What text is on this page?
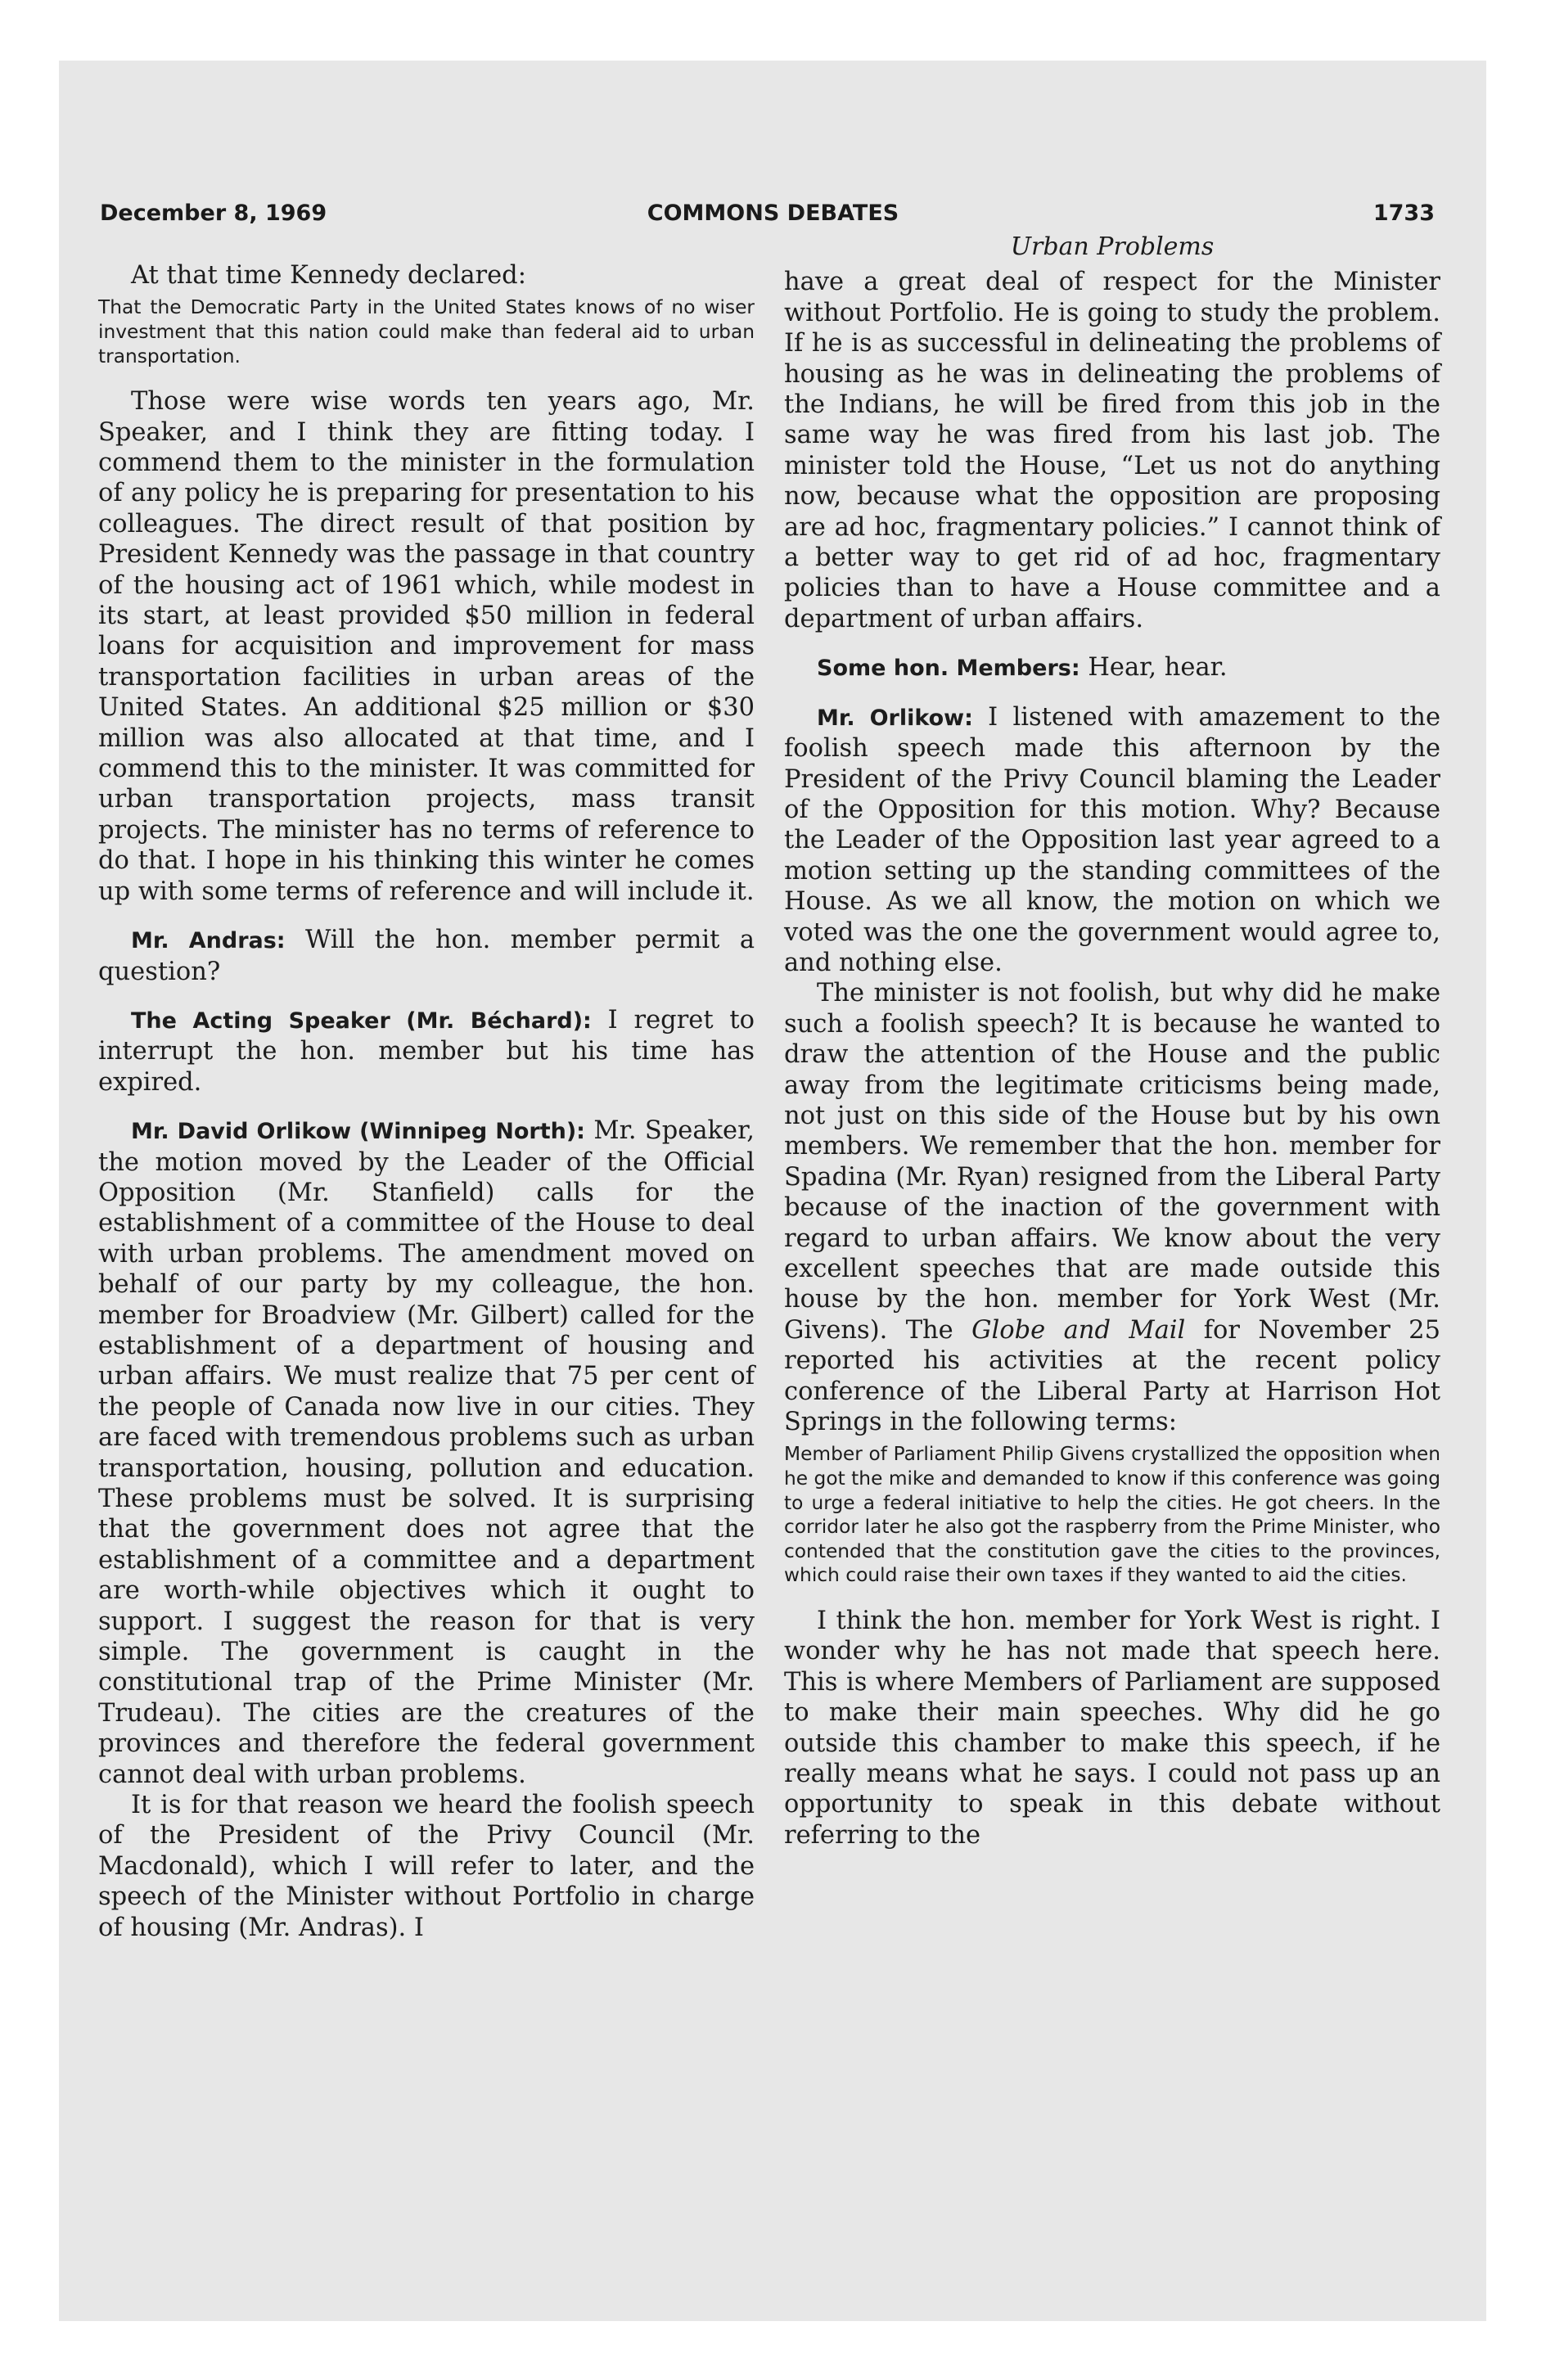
December 8, 1969	COMMONS DEBATES	1733

At that time Kennedy declared:

That the Democratic Party in the United States knows of no wiser investment that this nation could make than federal aid to urban transportation.

Those were wise words ten years ago, Mr. Speaker, and I think they are fitting today. I commend them to the minister in the formulation of any policy he is preparing for presentation to his colleagues. The direct result of that position by President Kennedy was the passage in that country of the housing act of 1961 which, while modest in its start, at least provided $50 million in federal loans for acquisition and improvement for mass transportation facilities in urban areas of the United States. An additional $25 million or $30 million was also allocated at that time, and I commend this to the minister. It was committed for urban transportation projects, mass transit projects. The minister has no terms of reference to do that. I hope in his thinking this winter he comes up with some terms of reference and will include it.

Mr. Andras: Will the hon. member permit a question?

The Acting Speaker (Mr. Béchard): I regret to interrupt the hon. member but his time has expired.

Mr. David Orlikow (Winnipeg North): Mr. Speaker, the motion moved by the Leader of the Official Opposition (Mr. Stanfield) calls for the establishment of a committee of the House to deal with urban problems. The amendment moved on behalf of our party by my colleague, the hon. member for Broadview (Mr. Gilbert) called for the establishment of a department of housing and urban affairs. We must realize that 75 per cent of the people of Canada now live in our cities. They are faced with tremendous problems such as urban transportation, housing, pollution and education. These problems must be solved. It is surprising that the government does not agree that the establishment of a committee and a department are worth-while objectives which it ought to support. I suggest the reason for that is very simple. The government is caught in the constitutional trap of the Prime Minister (Mr. Trudeau). The cities are the creatures of the provinces and therefore the federal government cannot deal with urban problems.

It is for that reason we heard the foolish speech of the President of the Privy Council (Mr. Macdonald), which I will refer to later, and the speech of the Minister without Portfolio in charge of housing (Mr. Andras). I

Urban Problems

have a great deal of respect for the Minister without Portfolio. He is going to study the problem. If he is as successful in delineating the problems of housing as he was in delineating the problems of the Indians, he will be fired from this job in the same way he was fired from his last job. The minister told the House, “Let us not do anything now, because what the opposition are proposing are ad hoc, fragmentary policies.” I cannot think of a better way to get rid of ad hoc, fragmentary policies than to have a House committee and a department of urban affairs.

Some hon. Members: Hear, hear.

Mr. Orlikow: I listened with amazement to the foolish speech made this afternoon by the President of the Privy Council blaming the Leader of the Opposition for this motion. Why? Because the Leader of the Opposition last year agreed to a motion setting up the standing committees of the House. As we all know, the motion on which we voted was the one the government would agree to, and nothing else.

The minister is not foolish, but why did he make such a foolish speech? It is because he wanted to draw the attention of the House and the public away from the legitimate criticisms being made, not just on this side of the House but by his own members. We remember that the hon. member for Spadina (Mr. Ryan) resigned from the Liberal Party because of the inaction of the government with regard to urban affairs. We know about the very excellent speeches that are made outside this house by the hon. member for York West (Mr. Givens). The Globe and Mail for November 25 reported his activities at the recent policy conference of the Liberal Party at Harrison Hot Springs in the following terms:

Member of Parliament Philip Givens crystallized the opposition when he got the mike and demanded to know if this conference was going to urge a federal initiative to help the cities. He got cheers. In the corridor later he also got the raspberry from the Prime Minister, who contended that the constitution gave the cities to the provinces, which could raise their own taxes if they wanted to aid the cities.

I think the hon. member for York West is right. I wonder why he has not made that speech here. This is where Members of Parliament are supposed to make their main speeches. Why did he go outside this chamber to make this speech, if he really means what he says. I could not pass up an opportunity to speak in this debate without referring to the
